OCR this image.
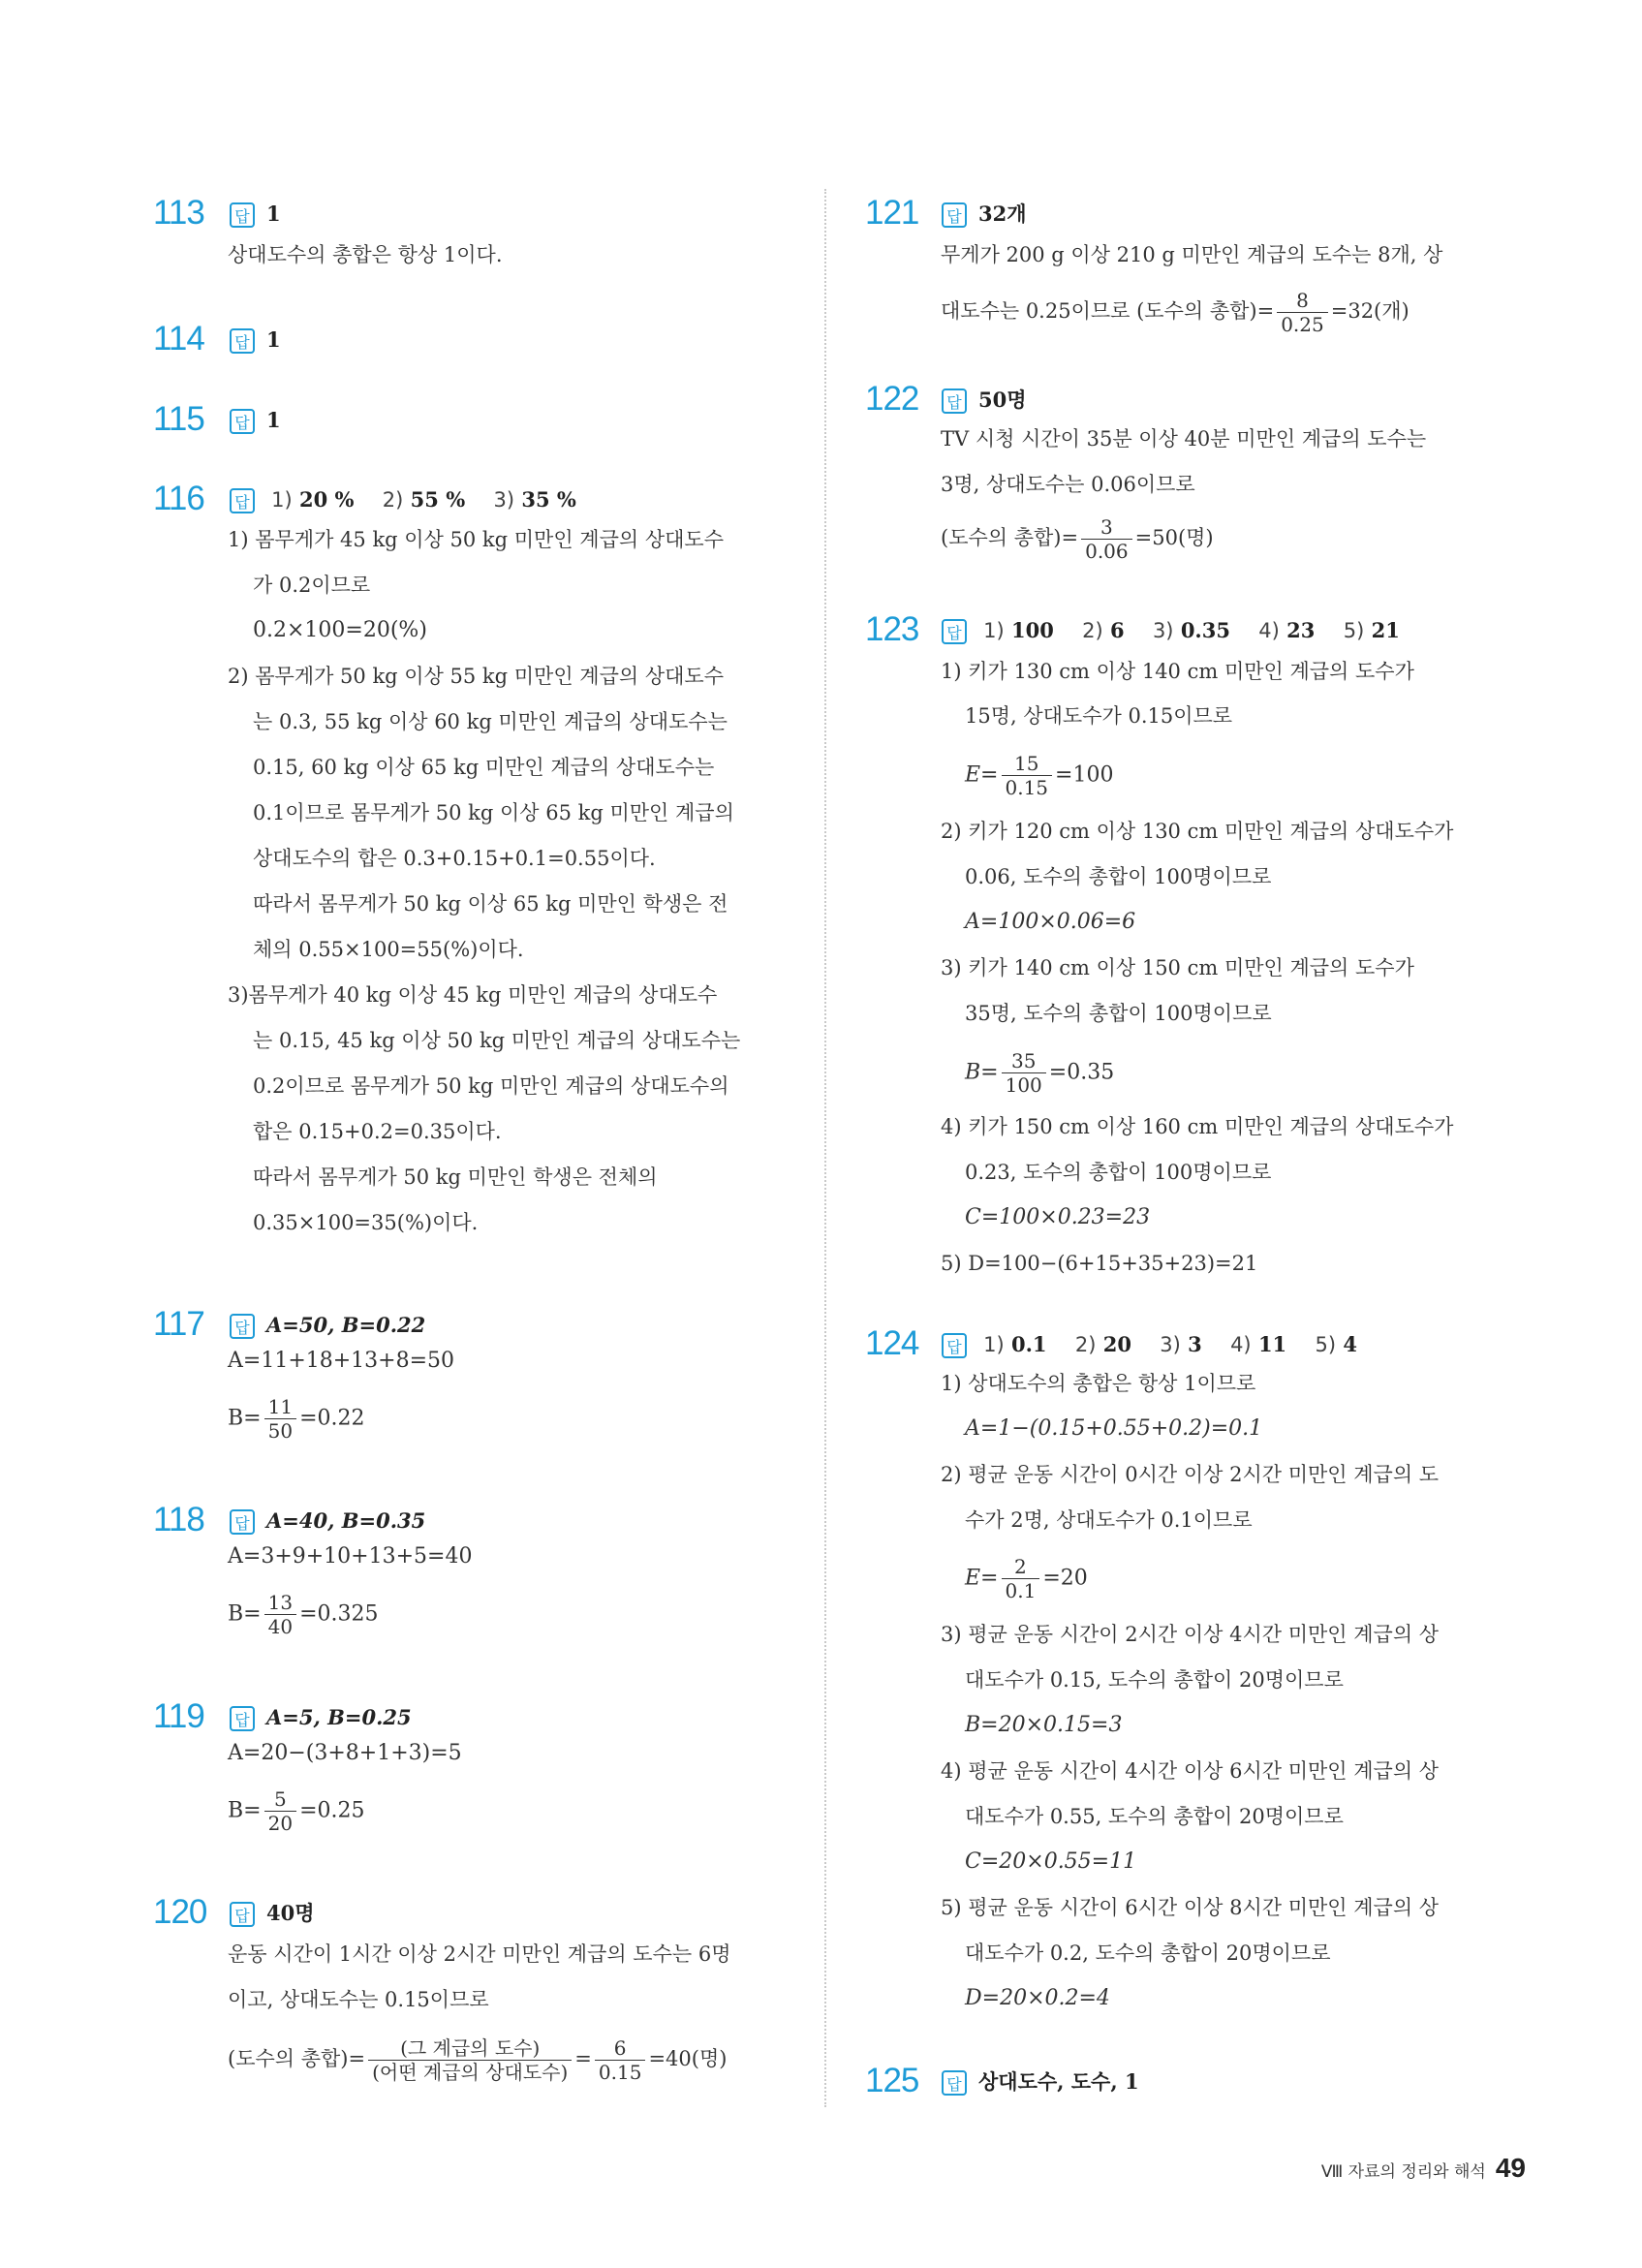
113	답 1
상대도수의 총합은 항상 1이다.
114	답 1
115	답 1
116	답 1) 20 % 2) 55 % 3) 35 %
1) 몸무게가 45 kg 이상 50 kg 미만인 계급의 상대도수
가 0.2이므로
0.2×100=20(%)
2) 몸무게가 50 kg 이상 55 kg 미만인 계급의 상대도수
는 0.3, 55 kg 이상 60 kg 미만인 계급의 상대도수는
0.15, 60 kg 이상 65 kg 미만인 계급의 상대도수는
0.1이므로 몸무게가 50 kg 이상 65 kg 미만인 계급의
상대도수의 합은 0.3+0.15+0.1=0.55이다.
따라서 몸무게가 50 kg 이상 65 kg 미만인 학생은 전
체의 0.55×100=55(%)이다.
3)몸무게가 40 kg 이상 45 kg 미만인 계급의 상대도수
는 0.15, 45 kg 이상 50 kg 미만인 계급의 상대도수는
0.2이므로 몸무게가 50 kg 미만인 계급의 상대도수의
합은 0.15+0.2=0.35이다.
따라서 몸무게가 50 kg 미만인 학생은 전체의
0.35×100=35(%)이다.
117	답 A=50, B=0.22
A=11+18+13+8=50
$B= \frac{11}{50} =0.22$
118	답 A=40, B=0.35
A=3+9+10+13+5=40
$B= \frac{13}{40} =0.325$
119	답 A=5, B=0.25
A=20−(3+8+1+3)=5
$B= \frac{5}{20} =0.25$
120	답 40명
운동 시간이 1시간 이상 2시간 미만인 계급의 도수는 6명
이고, 상대도수는 0.15이므로
(도수의 총합)= $\frac{\text{(그 계급의 도수)}}{\text{(어떤 계급의 상대도수)}} = \frac{6}{0.15} =40$(명)
121	답 32개
무게가 200 g 이상 210 g 미만인 계급의 도수는 8개, 상
대도수는 0.25이므로 (도수의 총합)= $\frac{8}{0.25} =32$(개)
122	답 50명
TV 시청 시간이 35분 이상 40분 미만인 계급의 도수는
3명, 상대도수는 0.06이므로
(도수의 총합)= $\frac{3}{0.06} =50$(명)
123	답 1) 100 2) 6 3) 0.35 4) 23 5) 21
1) 키가 130 cm 이상 140 cm 미만인 계급의 도수가
15명, 상대도수가 0.15이므로
$E= \frac{15}{0.15} =100$
2) 키가 120 cm 이상 130 cm 미만인 계급의 상대도수가
0.06, 도수의 총합이 100명이므로
A=100×0.06=6
3) 키가 140 cm 이상 150 cm 미만인 계급의 도수가
35명, 도수의 총합이 100명이므로
$B= \frac{35}{100} =0.35$
4) 키가 150 cm 이상 160 cm 미만인 계급의 상대도수가
0.23, 도수의 총합이 100명이므로
C=100×0.23=23
5) D=100−(6+15+35+23)=21
124	답 1) 0.1 2) 20 3) 3 4) 11 5) 4
1) 상대도수의 총합은 항상 1이므로
A=1−(0.15+0.55+0.2)=0.1
2) 평균 운동 시간이 0시간 이상 2시간 미만인 계급의 도
수가 2명, 상대도수가 0.1이므로
$E= \frac{2}{0.1} =20$
3) 평균 운동 시간이 2시간 이상 4시간 미만인 계급의 상
대도수가 0.15, 도수의 총합이 20명이므로
B=20×0.15=3
4) 평균 운동 시간이 4시간 이상 6시간 미만인 계급의 상
대도수가 0.55, 도수의 총합이 20명이므로
C=20×0.55=11
5) 평균 운동 시간이 6시간 이상 8시간 미만인 계급의 상
대도수가 0.2, 도수의 총합이 20명이므로
D=20×0.2=4
125	답 상대도수, 도수, 1
Ⅷ 자료의 정리와 해석 49
